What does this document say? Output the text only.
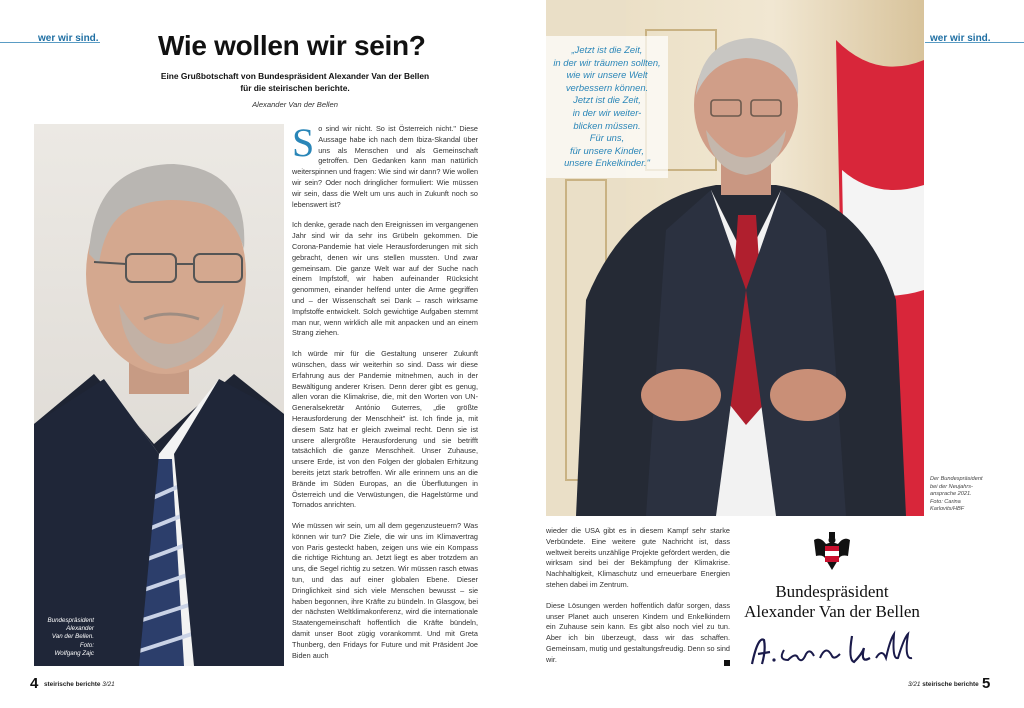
wer wir sind.	wer wir sind.
Wie wollen wir sein?
Eine Grußbotschaft von Bundespräsident Alexander Van der Bellen
für die steirischen berichte.
Alexander Van der Bellen
Bundespräsident
Alexander
Van der Bellen.
Foto:
Wolfgang Zajc

So sind wir nicht. So ist Österreich nicht." Diese Aussage habe ich nach dem Ibiza-Skandal über uns als Menschen und als Gemeinschaft getroffen. Den Gedanken kann man natürlich weiterspinnen und fragen: Wie sind wir dann? Wie wollen wir sein? Oder noch dringlicher formuliert: Wie müssen wir sein, dass die Welt um uns auch in Zukunft noch so lebenswert ist?

Ich denke, gerade nach den Ereignissen im vergangenen Jahr sind wir da sehr ins Grübeln gekommen. Die Corona-Pandemie hat viele Herausforderungen mit sich gebracht, denen wir uns stellen mussten. Und zwar gemeinsam. Die ganze Welt war auf der Suche nach einem Impfstoff, wir haben aufeinander Rücksicht genommen, einander helfend unter die Arme gegriffen und – der Wissenschaft sei Dank – rasch wirksame Impfstoffe entwickelt. Solch gewichtige Aufgaben stemmt man nur, wenn wirklich alle mit anpacken und an einem Strang ziehen.

Ich würde mir für die Gestaltung unserer Zukunft wünschen, dass wir weiterhin so sind. Dass wir diese Erfahrung aus der Pandemie mitnehmen, auch in der Bewältigung anderer Krisen. Denn derer gibt es genug, allen voran die Klimakrise, die, mit den Worten von UN-Generalsekretär António Guterres, „die größte Herausforderung der Menschheit" ist. Ich finde ja, mit diesem Satz hat er gleich zweimal recht. Denn sie ist unsere allergrößte Herausforderung und sie betrifft tatsächlich die ganze Menschheit. Unser Zuhause, unsere Erde, ist von den Folgen der globalen Erhitzung bereits jetzt stark betroffen. Wir alle erinnern uns an die Brände im Süden Europas, an die Überflutungen in Österreich und die Verwüstungen, die Hagelstürme und Tornados anrichten.

Wie müssen wir sein, um all dem gegenzusteuern? Was können wir tun? Die Ziele, die wir uns im Klimavertrag von Paris gesteckt haben, zeigen uns wie ein Kompass die richtige Richtung an. Jetzt liegt es aber trotzdem an uns, die Segel richtig zu setzen. Wir müssen rasch etwas tun, und das auf einer globalen Ebene. Dieser Dringlichkeit sind sich viele Menschen bewusst – sie haben begonnen, ihre Kräfte zu bündeln. In Glasgow, bei der nächsten Weltklimakonferenz, wird die internationale Staatengemeinschaft hoffentlich die Kräfte bündeln, damit unser Boot zügig vorankommt. Und mit Greta Thunberg, den Fridays for Future und mit Präsident Joe Biden auch

„Jetzt ist die Zeit,
in der wir träumen sollten,
wie wir unsere Welt
verbessern können.
Jetzt ist die Zeit,
in der wir weiter-
blicken müssen.
Für uns,
für unsere Kinder,
unsere Enkelkinder."
Der Bundespräsident
bei der Neujahrs-
ansprache 2021.
Foto: Carina
Karlovits/HBF

wieder die USA gibt es in diesem Kampf sehr starke Verbündete. Eine weitere gute Nachricht ist, dass weltweit bereits unzählige Projekte gefördert werden, die wirksam sind bei der Bekämpfung der Klimakrise. Nachhaltigkeit, Klimaschutz und erneuerbare Energien stehen dabei im Zentrum.

Diese Lösungen werden hoffentlich dafür sorgen, dass unser Planet auch unseren Kindern und Enkelkindern ein Zuhause sein kann. Es gibt also noch viel zu tun. Aber ich bin überzeugt, dass wir das schaffen. Gemeinsam, mutig und gestaltungsfreudig. Denn so sind wir.

Bundespräsident
Alexander Van der Bellen
4 steirische berichte 3/21	3/21 steirische berichte 5
